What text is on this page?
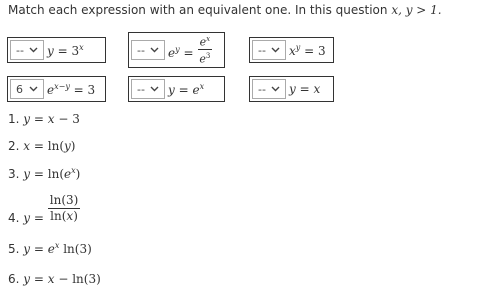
Match each expression with an equivalent one. In this question x, y > 1.
-- $y = 3^x$	-- $e^y = \frac{e^x}{e^3}$	-- $x^y = 3$
6	$e^{x-y} = 3$	-- $y = e^x$	-- y = x
1. y = x − 3
2. x = ln(y)
3. $y = \ln(e^x)$
4. $y = \frac{\ln(3)}{\ln(x)}$
5. $y = e^x$ ln(3)
6. y = x − ln(3)
